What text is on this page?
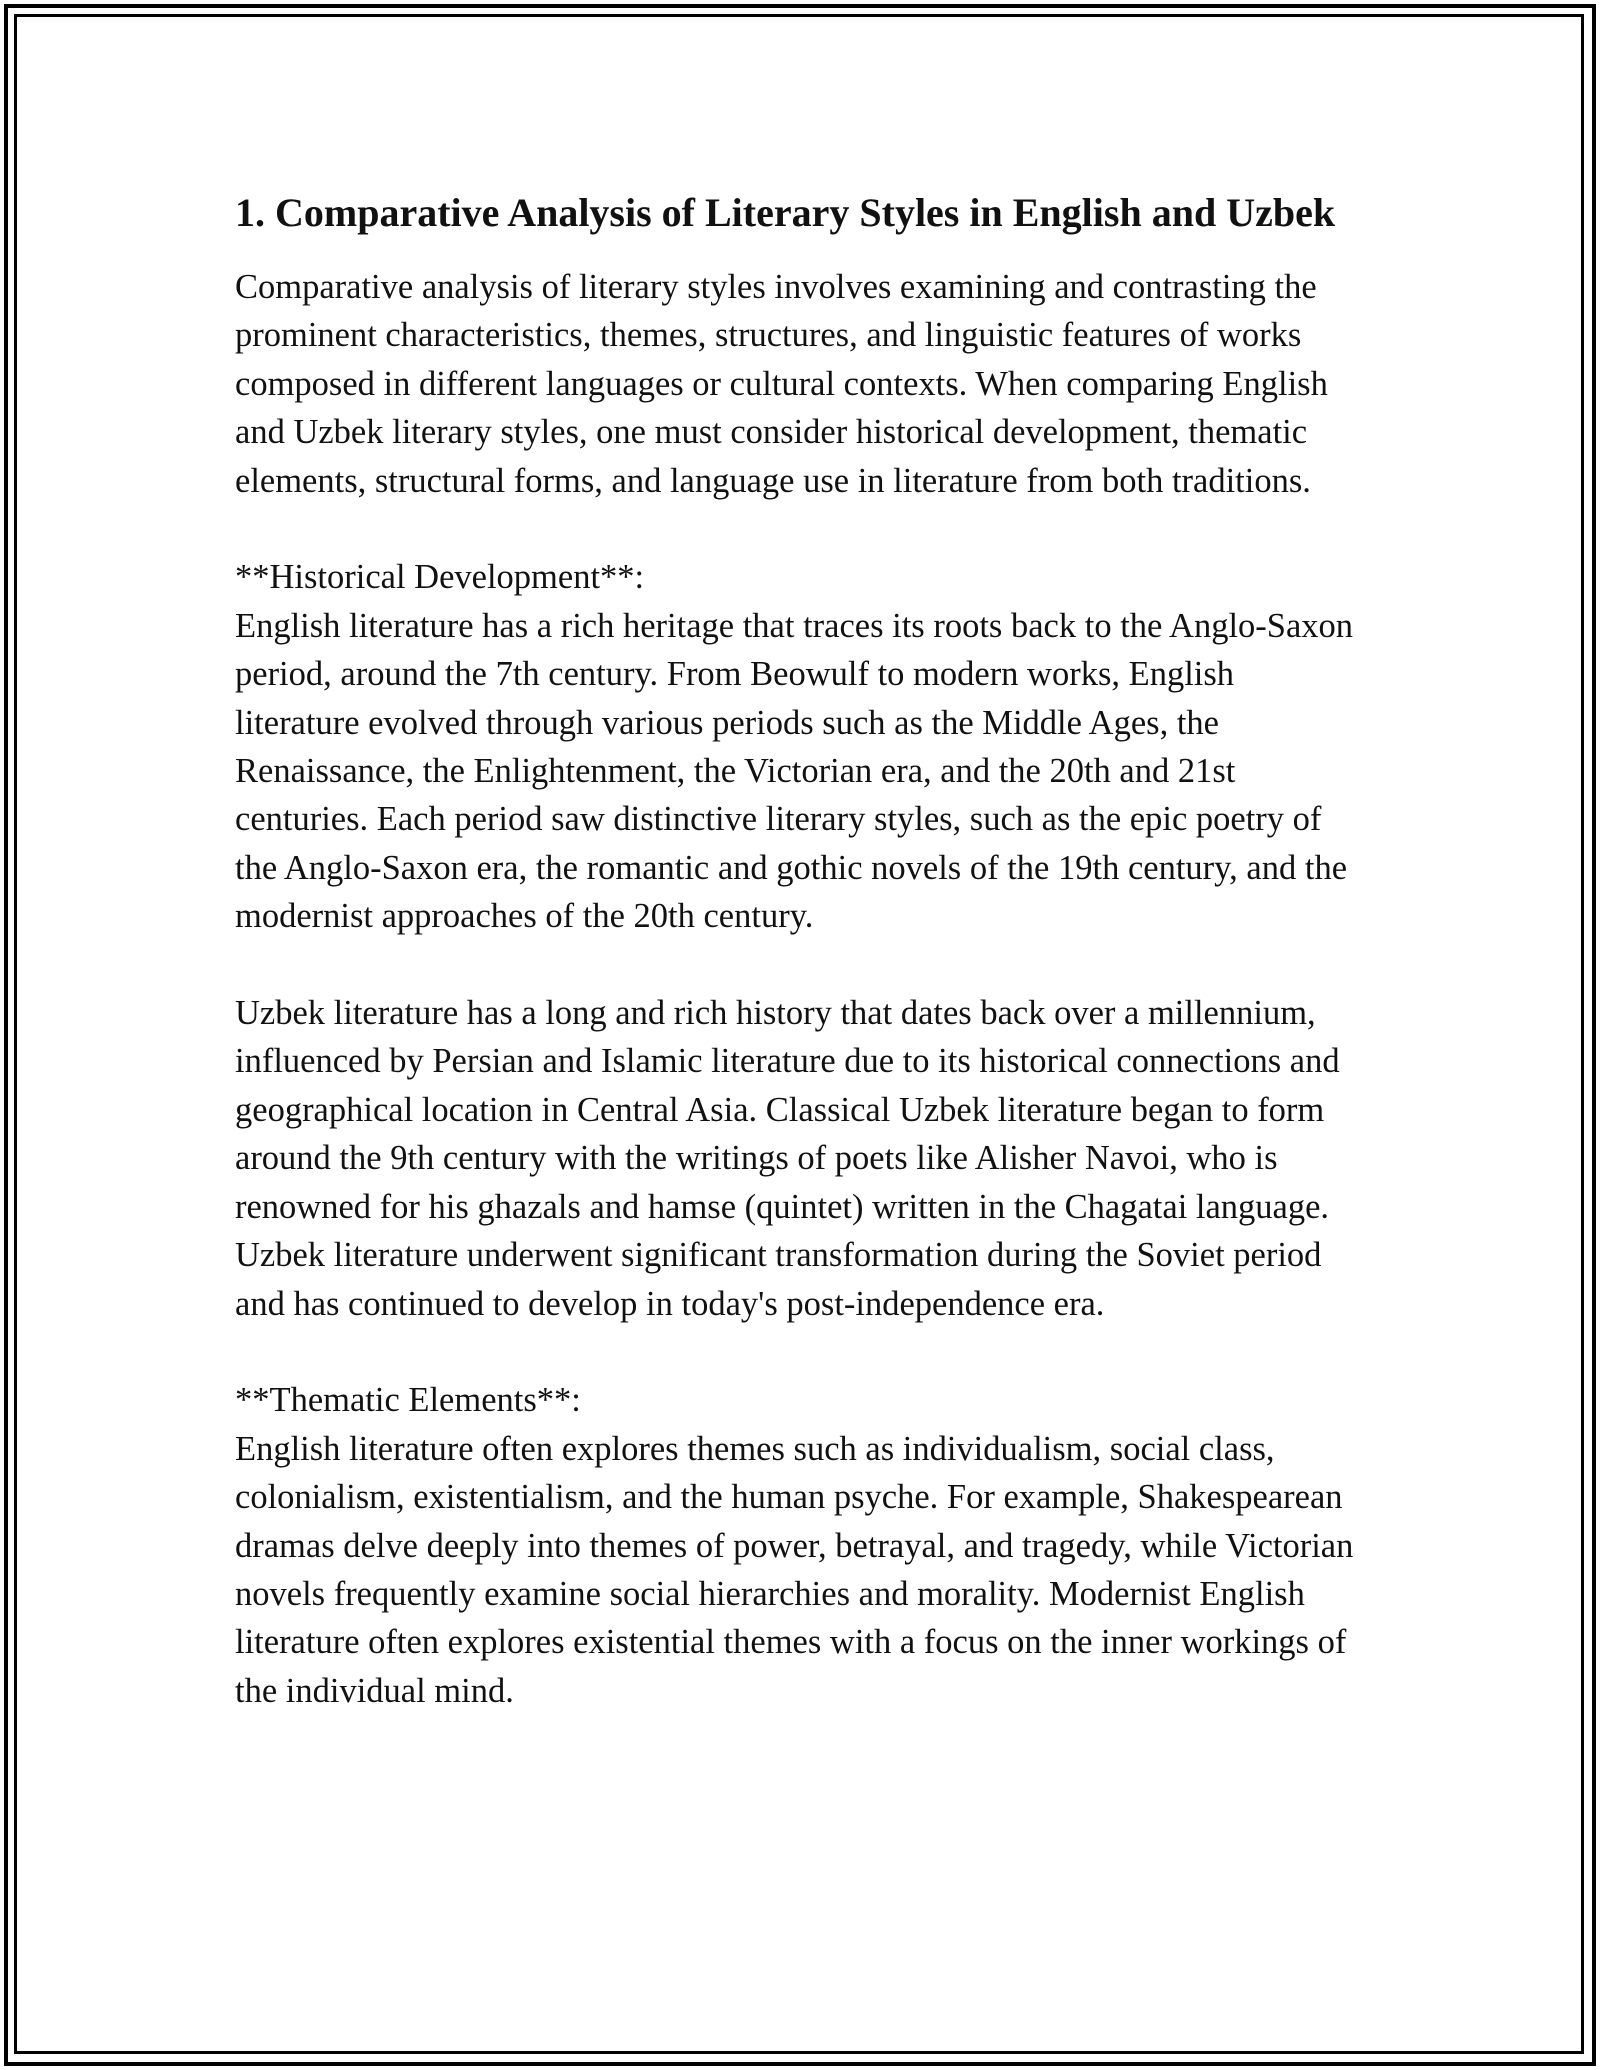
1. Comparative Analysis of Literary Styles in English and Uzbek

Comparative analysis of literary styles involves examining and contrasting the prominent characteristics, themes, structures, and linguistic features of works composed in different languages or cultural contexts. When comparing English and Uzbek literary styles, one must consider historical development, thematic elements, structural forms, and language use in literature from both traditions.

**Historical Development**:
English literature has a rich heritage that traces its roots back to the Anglo-Saxon period, around the 7th century. From Beowulf to modern works, English literature evolved through various periods such as the Middle Ages, the Renaissance, the Enlightenment, the Victorian era, and the 20th and 21st centuries. Each period saw distinctive literary styles, such as the epic poetry of the Anglo-Saxon era, the romantic and gothic novels of the 19th century, and the modernist approaches of the 20th century.

Uzbek literature has a long and rich history that dates back over a millennium, influenced by Persian and Islamic literature due to its historical connections and geographical location in Central Asia. Classical Uzbek literature began to form around the 9th century with the writings of poets like Alisher Navoi, who is renowned for his ghazals and hamse (quintet) written in the Chagatai language. Uzbek literature underwent significant transformation during the Soviet period and has continued to develop in today's post-independence era.

**Thematic Elements**:
English literature often explores themes such as individualism, social class, colonialism, existentialism, and the human psyche. For example, Shakespearean dramas delve deeply into themes of power, betrayal, and tragedy, while Victorian novels frequently examine social hierarchies and morality. Modernist English literature often explores existential themes with a focus on the inner workings of the individual mind.
